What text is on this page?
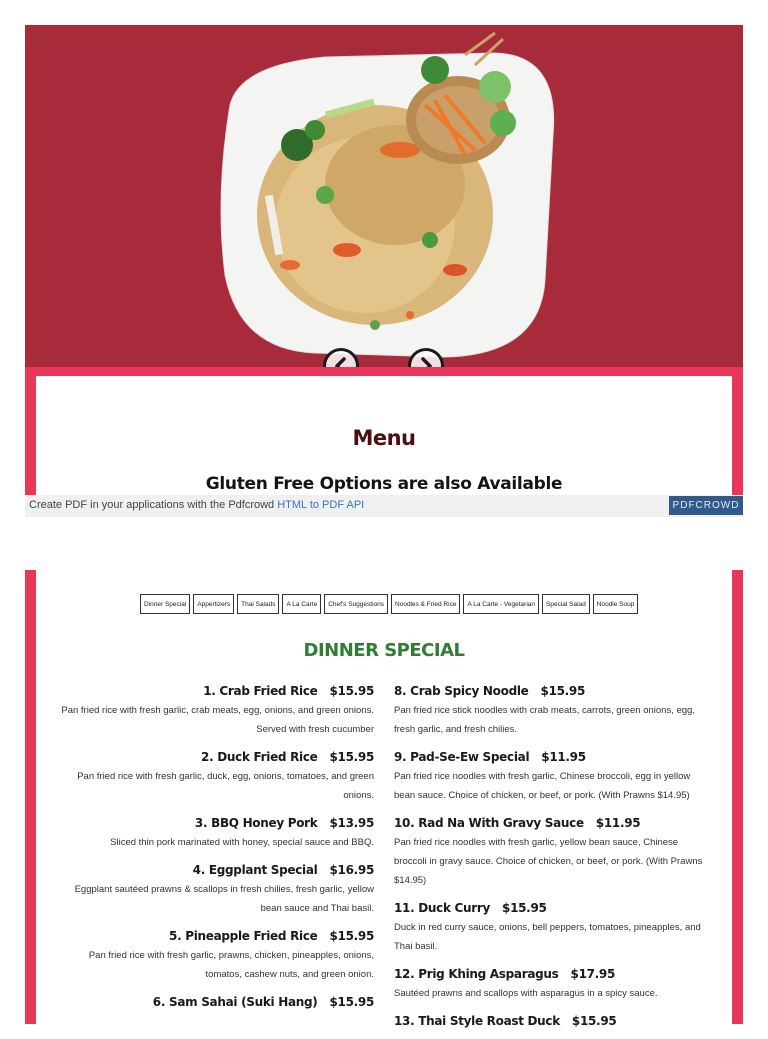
Menu
Gluten Free Options are also Available
Create PDF in your applications with the Pdfcrowd HTML to PDF API	PDFCROWD
Dinner Special	Appertizers	Thai Salads	A La Carte	Chef's Suggestions	Noodles & Fried Rice	A La Carte - Vegetarian	Special Salad	Noodle Soup
DINNER SPECIAL
1. Crab Fried Rice $15.95
Pan fried rice with fresh garlic, crab meats, egg, onions, and green onions. Served with fresh cucumber
2. Duck Fried Rice $15.95
Pan fried rice with fresh garlic, duck, egg, onions, tomatoes, and green onions.
3. BBQ Honey Pork $13.95
Sliced thin pork marinated with honey, special sauce and BBQ.
4. Eggplant Special $16.95
Eggplant sautéed prawns & scallops in fresh chilies, fresh garlic, yellow bean sauce and Thai basil.
5. Pineapple Fried Rice $15.95
Pan fried rice with fresh garlic, prawns, chicken, pineapples, onions, tomatos, cashew nuts, and green onion.
6. Sam Sahai (Suki Hang) $15.95
8. Crab Spicy Noodle $15.95
Pan fried rice stick noodles with crab meats, carrots, green onions, egg, fresh garlic, and fresh chilies.
9. Pad-Se-Ew Special $11.95
Pan fried rice noodles with fresh garlic, Chinese broccoli, egg in yellow bean sauce. Choice of chicken, or beef, or pork. (With Prawns $14.95)
10. Rad Na With Gravy Sauce $11.95
Pan fried rice noodles with fresh garlic, yellow bean sauce, Chinese broccoli in gravy sauce. Choice of chicken, or beef, or pork. (With Prawns $14.95)
11. Duck Curry $15.95
Duck in red curry sauce, onions, bell peppers, tomatoes, pineapples, and Thai basil.
12. Prig Khing Asparagus $17.95
Sautéed prawns and scallops with asparagus in a spicy sauce.
13. Thai Style Roast Duck $15.95
